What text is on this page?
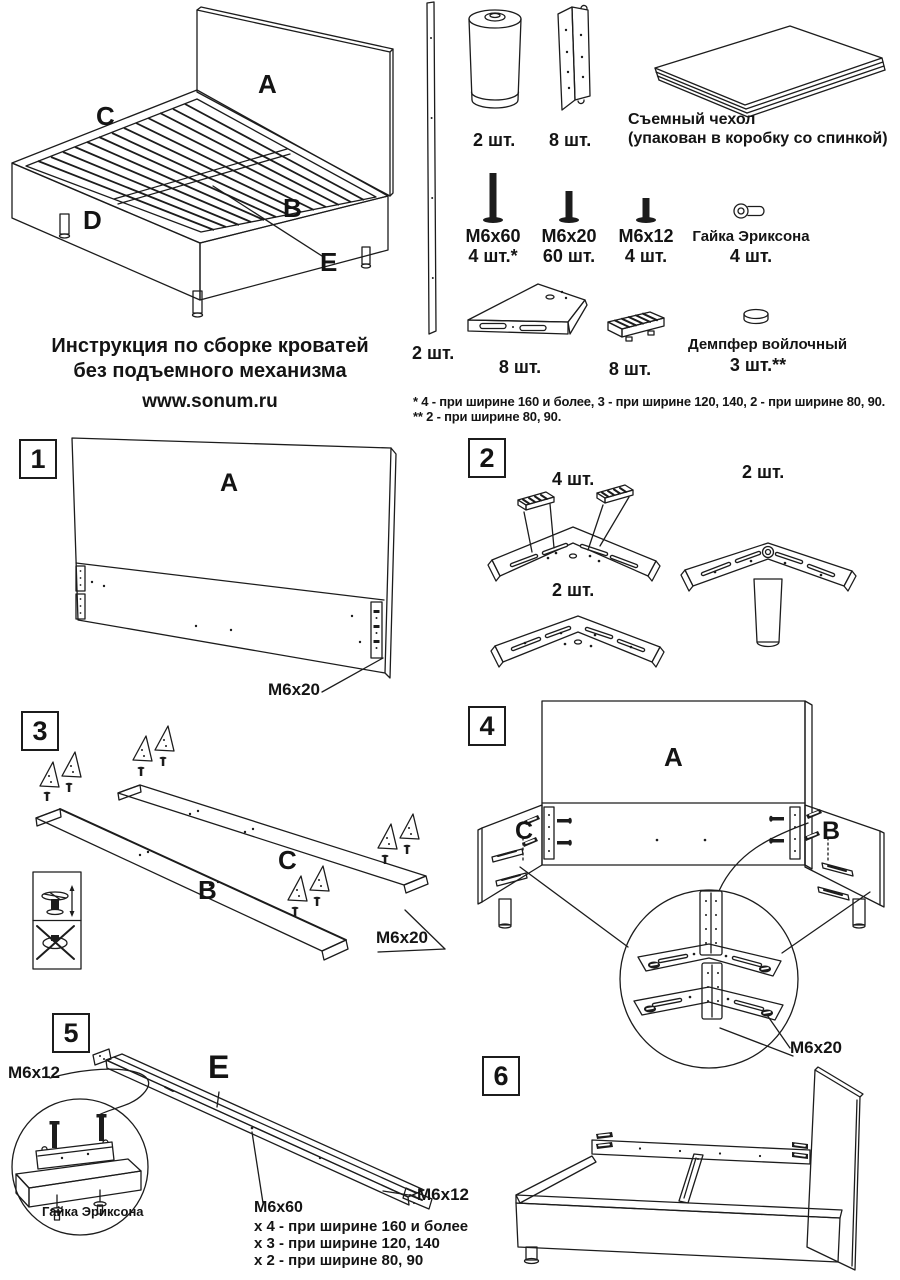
A
C
B
D
E
Инструкция по сборке кроватей
без подъемного механизма
www.sonum.ru
2 шт.
2 шт. 8 шт.
Съемный чехол
(упакован в коробку со спинкой)
M6x60
4 шт.*
M6x20
60 шт.
M6x12
4 шт.
Гайка Эриксона
4 шт.
8 шт.	8 шт.
Демпфер войлочный
3 шт.**
* 4 - при ширине 160 и более, 3 - при ширине 120, 140, 2 - при ширине 80, 90.
** 2 - при ширине 80, 90.
1
A
M6x20
2
4 шт.	2 шт.
2 шт.
3
C
B
M6x20
4
A
C	B
M6x20
5
E
M6x12
Гайка Эриксона	M6x60
x 4 - при ширине 160 и более
x 3 - при ширине 120, 140
x 2 - при ширине 80, 90
M6x12
6
